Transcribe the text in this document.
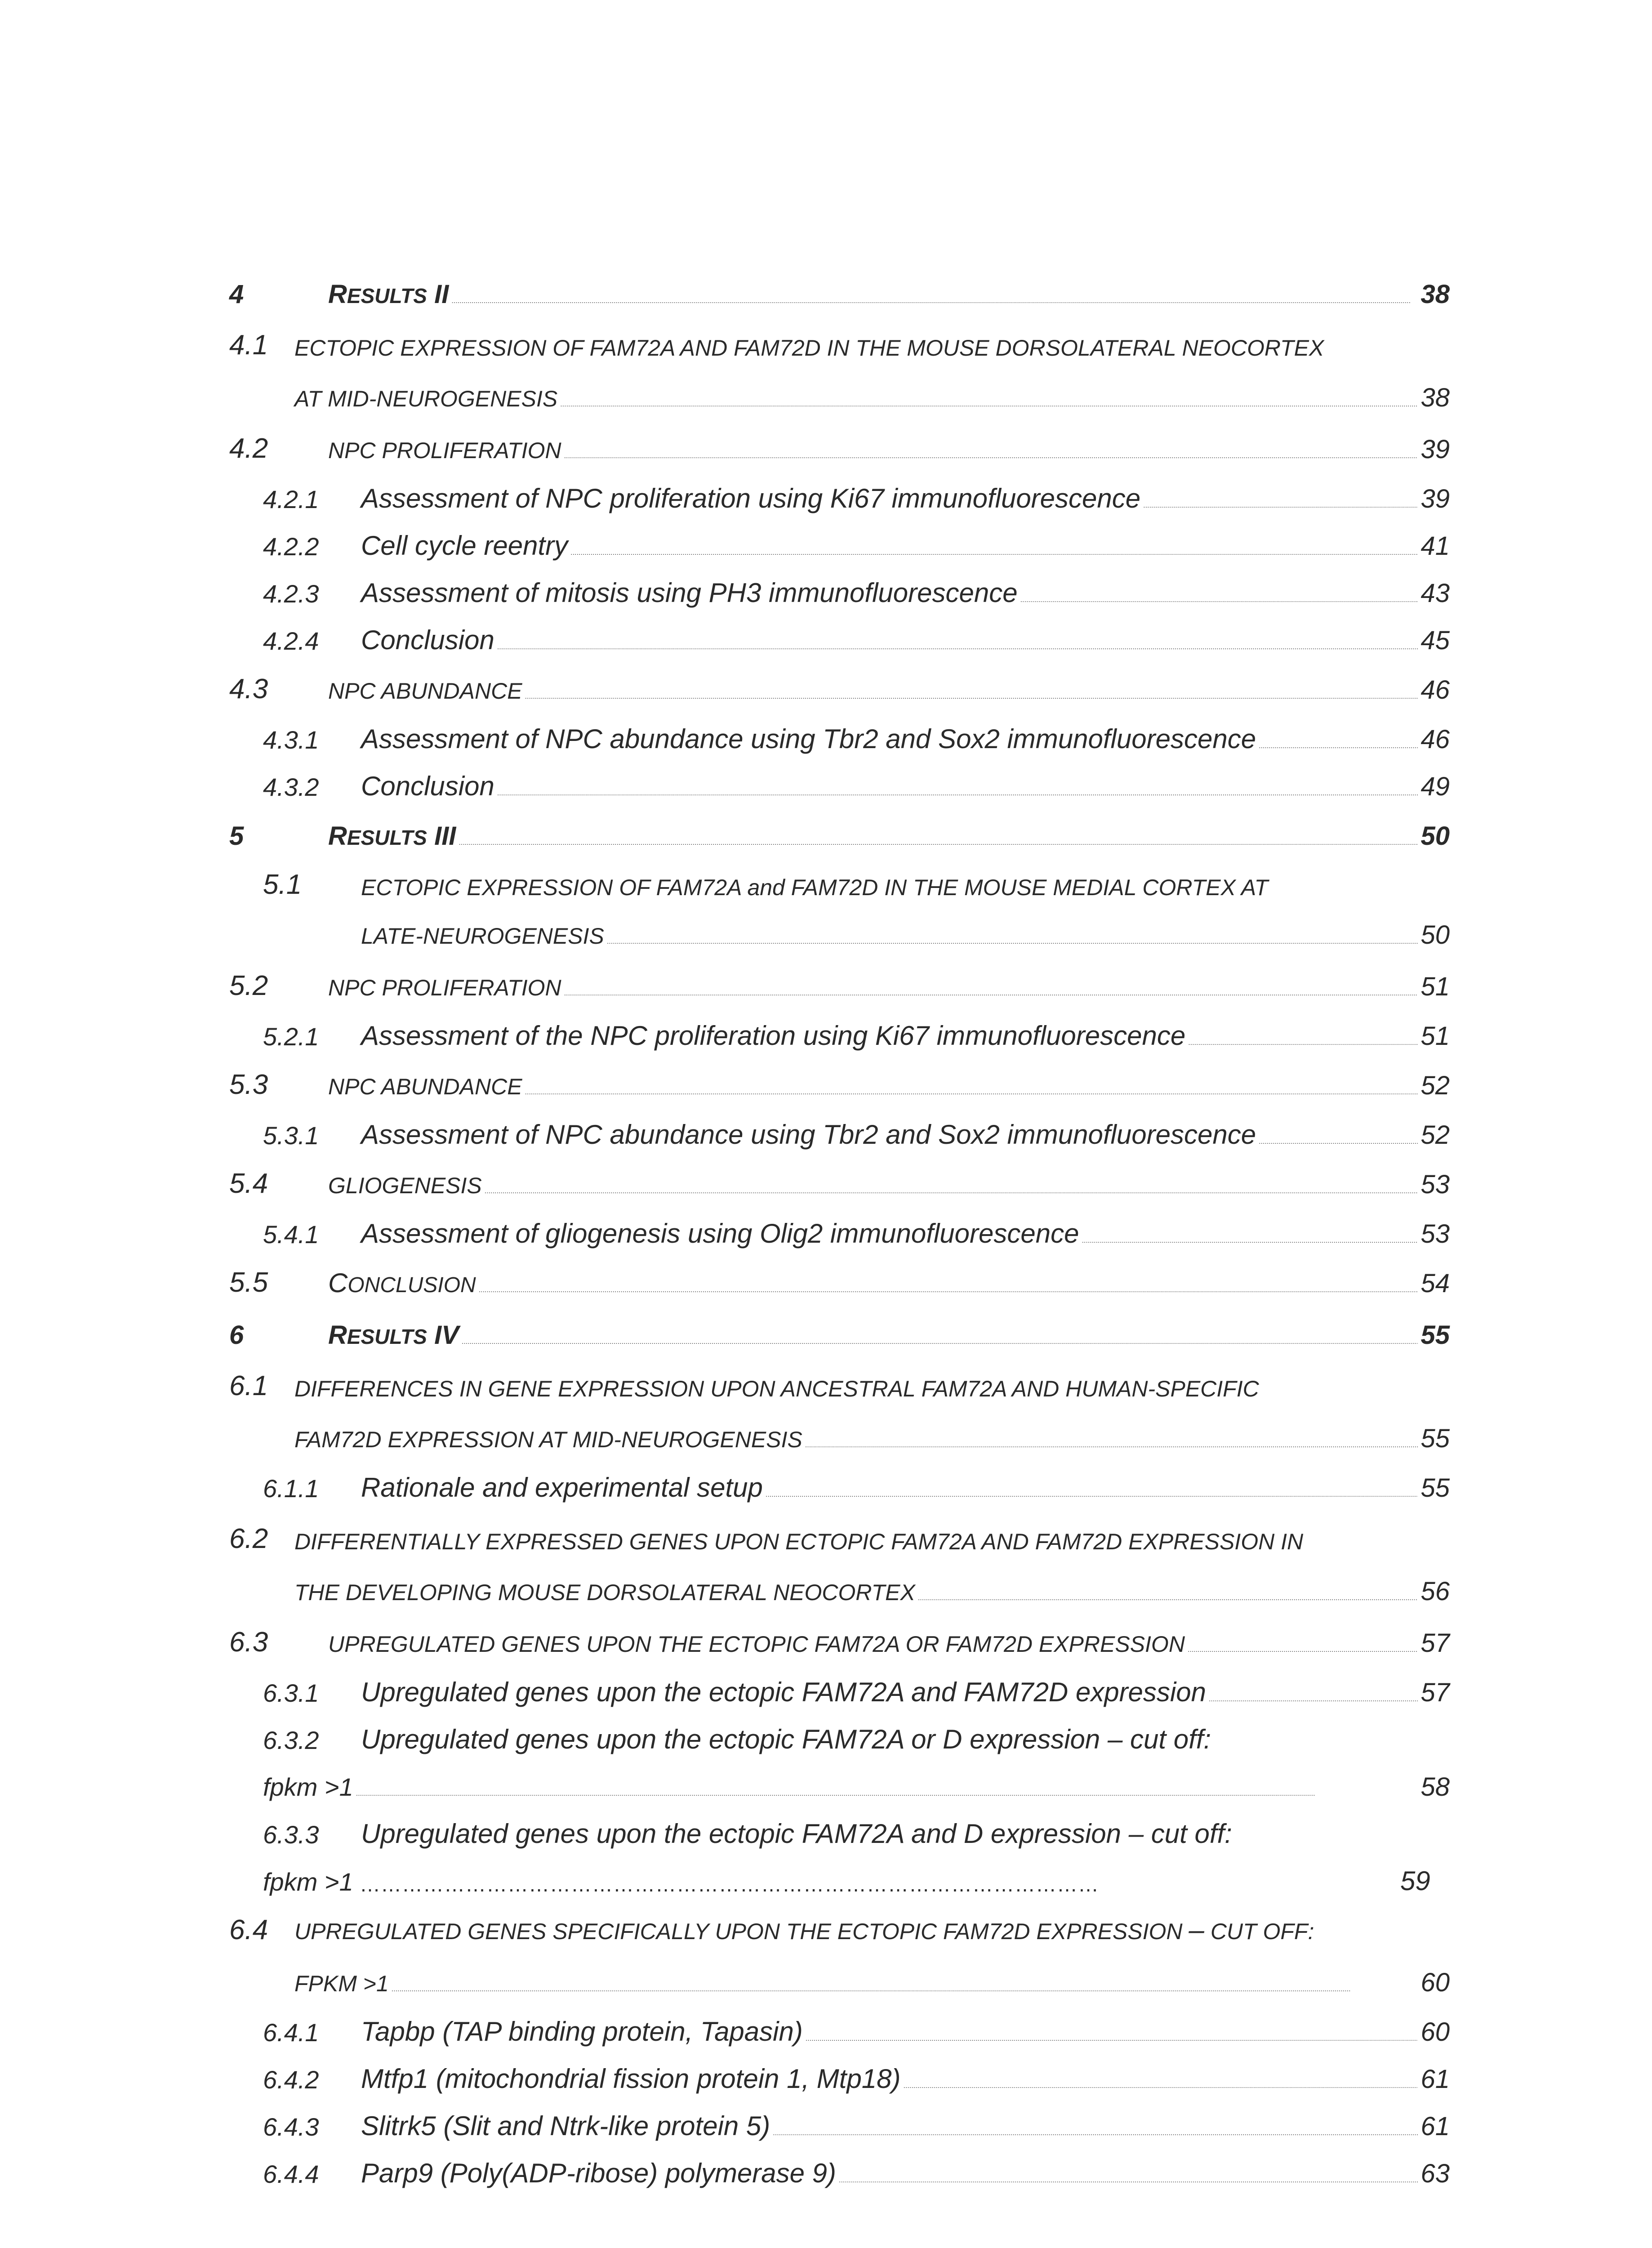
4	RESULTS II .....	38
4.1 ECTOPIC EXPRESSION OF FAM72A AND FAM72D IN THE MOUSE DORSOLATERAL NEOCORTEX
AT MID-NEUROGENESIS .....	38
4.2	NPC PROLIFERATION .....	39
4.2.1 Assessment of NPC proliferation using Ki67 immunofluorescence .....	39
4.2.2 Cell cycle reentry .....	41
4.2.3 Assessment of mitosis using PH3 immunofluorescence .....	43
4.2.4 Conclusion .....	45
4.3	NPC ABUNDANCE .....	46
4.3.1 Assessment of NPC abundance using Tbr2 and Sox2 immunofluorescence .....	46
4.3.2 Conclusion .....	49
5	RESULTS III .....	50
5.1	ECTOPIC EXPRESSION OF FAM72A and FAM72D IN THE MOUSE MEDIAL CORTEX AT
LATE-NEUROGENESIS .....	50
5.2	NPC PROLIFERATION .....	51
5.2.1 Assessment of the NPC proliferation using Ki67 immunofluorescence .....	51
5.3	NPC ABUNDANCE .....	52
5.3.1 Assessment of NPC abundance using Tbr2 and Sox2 immunofluorescence .....	52
5.4	GLIOGENESIS .....	53
5.4.1 Assessment of gliogenesis using Olig2 immunofluorescence .....	53
5.5 CONCLUSION .....	54
6	RESULTS IV .....	55
6.1 DIFFERENCES IN GENE EXPRESSION UPON ANCESTRAL FAM72A AND HUMAN-SPECIFIC
FAM72D EXPRESSION AT MID-NEUROGENESIS .....	55
6.1.1 Rationale and experimental setup .....	55
6.2 DIFFERENTIALLY EXPRESSED GENES UPON ECTOPIC FAM72A AND FAM72D EXPRESSION IN
THE DEVELOPING MOUSE DORSOLATERAL NEOCORTEX .....	56
6.3	UPREGULATED GENES UPON THE ECTOPIC FAM72A OR FAM72D EXPRESSION .....	57
6.3.1 Upregulated genes upon the ectopic FAM72A and FAM72D expression .....	57
6.3.2 Upregulated genes upon the ectopic FAM72A or D expression – cut off:
fpkm >1 .....	58
6.3.3 Upregulated genes upon the ectopic FAM72A and D expression – cut off:
fpkm >1 ……………………………………………………………………………………………	59
6.4 UPREGULATED GENES SPECIFICALLY UPON THE ECTOPIC FAM72D EXPRESSION – CUT OFF:
FPKM >1 .....	60
6.4.1 Tapbp (TAP binding protein, Tapasin) .....	60
6.4.2 Mtfp1 (mitochondrial fission protein 1, Mtp18) .....	61
6.4.3 Slitrk5 (Slit and Ntrk-like protein 5) .....	61
6.4.4 Parp9 (Poly(ADP-ribose) polymerase 9) .....	63
